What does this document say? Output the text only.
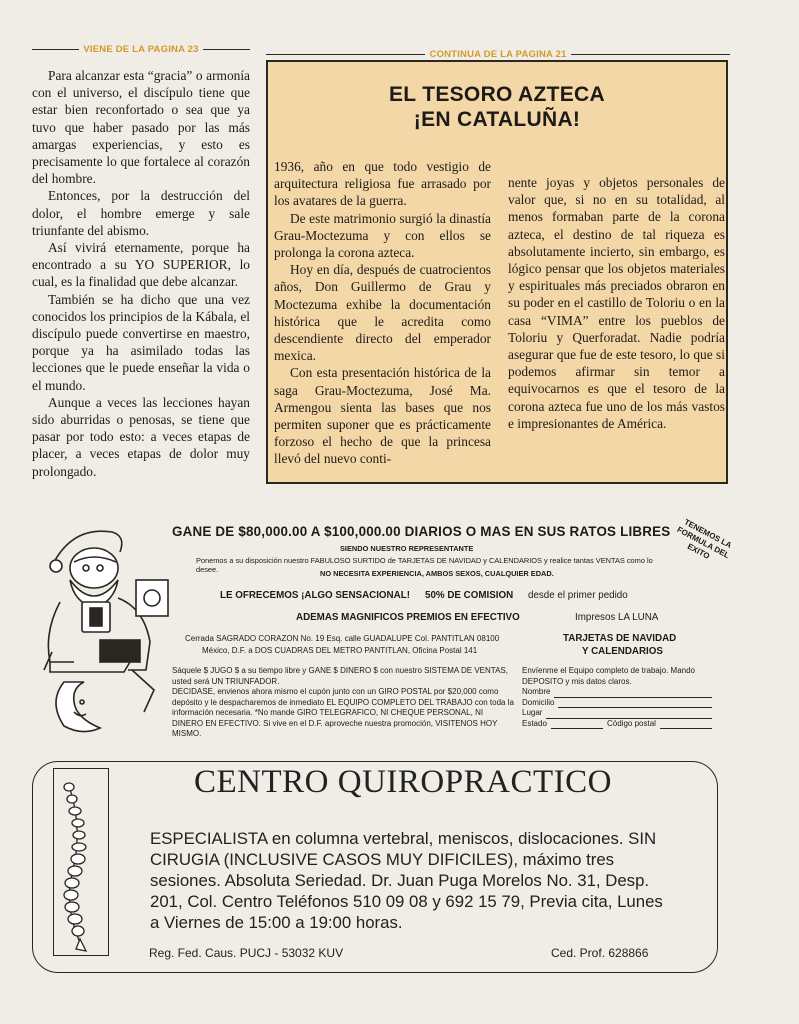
VIENE DE LA PAGINA 23

Para alcanzar esta “gracia” o armonía con el universo, el discípulo tiene que estar bien reconfortado o sea que ya tuvo que haber pasado por las más amargas experiencias, y esto es precisamente lo que fortalece al corazón del hombre.

Entonces, por la destrucción del dolor, el hombre emerge y sale triunfante del abismo.

Así vivirá eternamente, porque ha encontrado a su YO SUPERIOR, lo cual, es la finalidad que debe alcanzar.

También se ha dicho que una vez conocidos los principios de la Kábala, el discípulo puede convertirse en maestro, porque ya ha asimilado todas las lecciones que le puede enseñar la vida o el mundo.

Aunque a veces las lecciones hayan sido aburridas o penosas, se tiene que pasar por todo esto: a veces etapas de placer, a veces etapas de dolor muy prolongado.

CONTINUA DE LA PAGINA 21
EL TESORO AZTECA
¡EN CATALUÑA!

1936, año en que todo vestigio de arquitectura religiosa fue arrasado por los avatares de la guerra.

De este matrimonio surgió la dinastía Grau-Moctezuma y con ellos se prolonga la corona azteca.

Hoy en día, después de cuatrocientos años, Don Guillermo de Grau y Moctezuma exhibe la documentación histórica que le acredita como descendiente directo del emperador mexica.

Con esta presentación histórica de la saga Grau-Moctezuma, José Ma. Armengou sienta las bases que nos permiten suponer que es prácticamente forzoso el hecho de que la princesa llevó del nuevo conti-

nente joyas y objetos personales de valor que, si no en su totalidad, al menos formaban parte de la corona azteca, el destino de tal riqueza es absolutamente incierto, sin embargo, es lógico pensar que los objetos materiales y espirituales más preciados obraron en su poder en el castillo de Toloriu o en la casa “VIMA” entre los pueblos de Toloriu y Querforadat. Nadie podría asegurar que fue de este tesoro, lo que si podemos afirmar sin temor a equivocarnos es que el tesoro de la corona azteca fue uno de los más vastos e impresionantes de América.

GANE DE $80,000.00 A $100,000.00 DIARIOS O MAS EN SUS RATOS LIBRES	TENEMOS LA FORMULA DEL EXITO
SIENDO NUESTRO REPRESENTANTE
Ponemos a su disposición nuestro FABULOSO SURTIDO de TARJETAS DE NAVIDAD y CALENDARIOS y realice tantas VENTAS como lo desee.	NO NECESITA EXPERIENCIA, AMBOS SEXOS, CUALQUIER EDAD.
LE OFRECEMOS ¡ALGO SENSACIONAL! 50% DE COMISION desde el primer pedido
ADEMAS MAGNIFICOS PREMIOS EN EFECTIVO	Impresos LA LUNA
Cerrada SAGRADO CORAZON No. 19 Esq. calle GUADALUPE Col. PANTITLAN 08100
México, D.F. a DOS CUADRAS DEL METRO PANTITLAN, Oficina Postal 141
TARJETAS DE NAVIDAD
Y CALENDARIOS
Sáquele $ JUGO $ a su tiempo libre y GANE $ DINERO $ con nuestro SISTEMA DE VENTAS, usted será UN TRIUNFADOR.
DECIDASE, envienos ahora mismo el cupón junto con un GIRO POSTAL por $20,000 como depósito y le despacharemos de inmediato EL EQUIPO COMPLETO DEL TRABAJO con toda la información necesaria. *No mande GIRO TELEGRAFICO, NI CHEQUE PERSONAL, NI DINERO EN EFECTIVO. Si vive en el D.F. aproveche nuestra promoción, VISITENOS HOY MISMO.
Envíenme el Equipo completo de trabajo. Mando DEPOSITO y mis datos claros.
Nombre
Domicilio
Lugar
Estado	Código postal
CENTRO QUIROPRACTICO
ESPECIALISTA en columna vertebral, meniscos, dislocaciones. SIN CIRUGIA (INCLUSIVE CASOS MUY DIFICILES), máximo tres sesiones. Absoluta Seriedad. Dr. Juan Puga Morelos No. 31, Desp. 201, Col. Centro Teléfonos 510 09 08 y 692 15 79, Previa cita, Lunes a Viernes de 15:00 a 19:00 horas.
Reg. Fed. Caus. PUCJ - 53032 KUV	Ced. Prof. 628866
